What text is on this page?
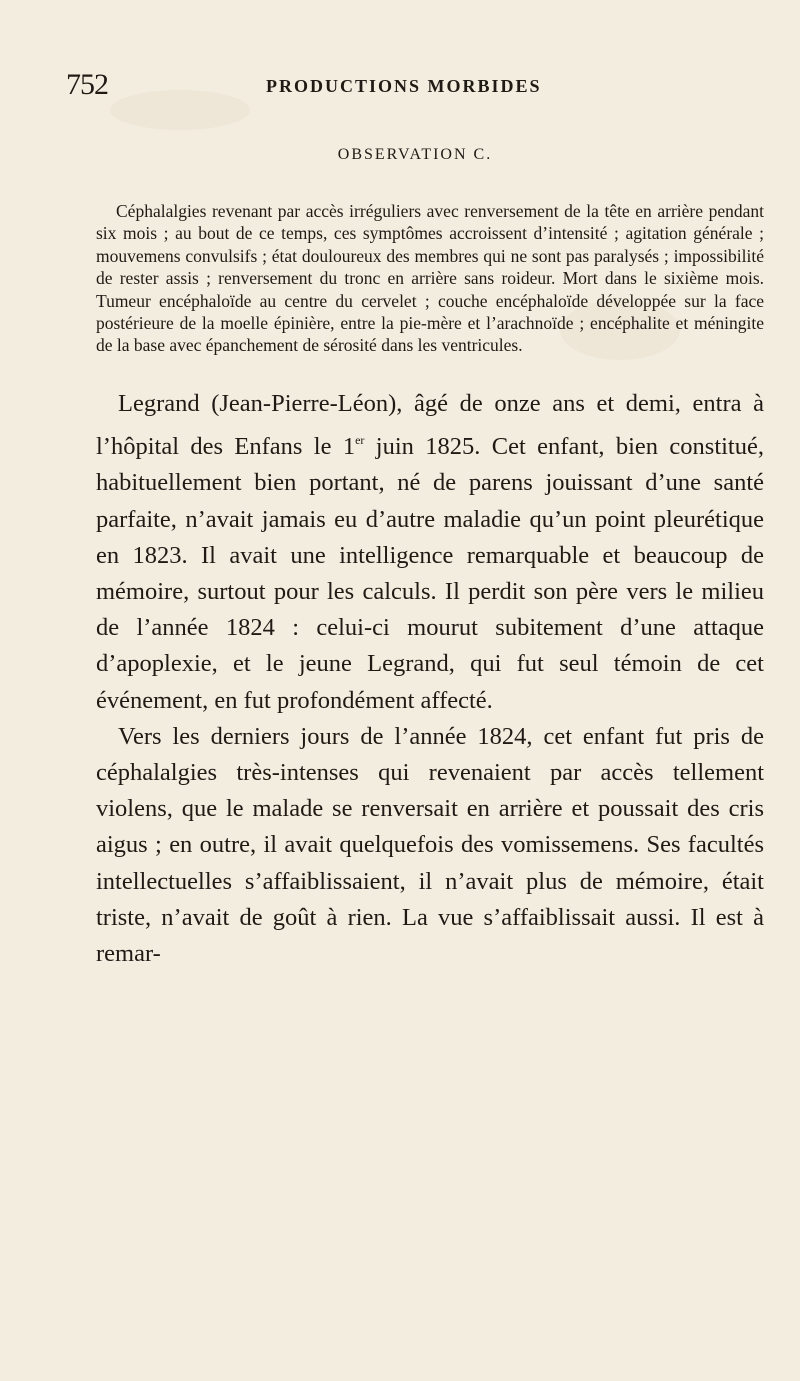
752	PRODUCTIONS MORBIDES
OBSERVATION C.

Céphalalgies revenant par accès irréguliers avec renversement de la tête en arrière pendant six mois ; au bout de ce temps, ces symptômes accroissent d’intensité ; agitation générale ; mouvemens convulsifs ; état douloureux des membres qui ne sont pas paralysés ; impossibilité de rester assis ; renversement du tronc en arrière sans roideur. Mort dans le sixième mois. Tumeur encéphaloïde au centre du cervelet ; couche encéphaloïde développée sur la face postérieure de la moelle épinière, entre la pie-mère et l’arachnoïde ; encéphalite et méningite de la base avec épanchement de sérosité dans les ventricules.

Legrand (Jean-Pierre-Léon), âgé de onze ans et demi, entra à l’hôpital des Enfans le 1er juin 1825. Cet enfant, bien constitué, habituellement bien portant, né de parens jouissant d’une santé parfaite, n’avait jamais eu d’autre maladie qu’un point pleurétique en 1823. Il avait une intelligence remarquable et beaucoup de mémoire, surtout pour les calculs. Il perdit son père vers le milieu de l’année 1824 : celui-ci mourut subitement d’une attaque d’apoplexie, et le jeune Legrand, qui fut seul témoin de cet événement, en fut profondément affecté.

Vers les derniers jours de l’année 1824, cet enfant fut pris de céphalalgies très-intenses qui revenaient par accès tellement violens, que le malade se renversait en arrière et poussait des cris aigus ; en outre, il avait quelquefois des vomissemens. Ses facultés intellectuelles s’affaiblissaient, il n’avait plus de mémoire, était triste, n’avait de goût à rien. La vue s’affaiblissait aussi. Il est à remar-
